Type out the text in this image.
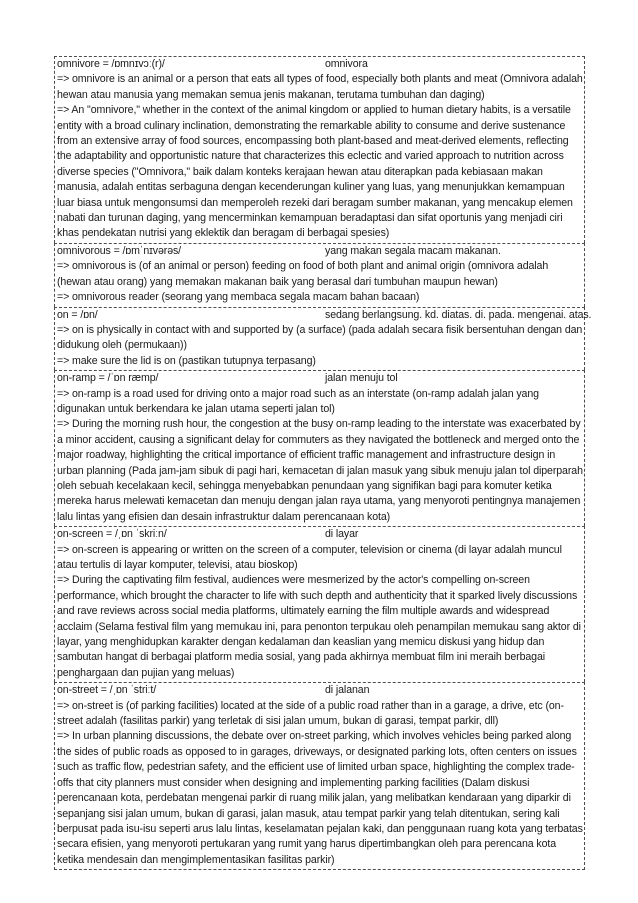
omnivore = /ɒmnɪvɔː(r)/	omnivora

=> omnivore is an animal or a person that eats all types of food, especially both plants and meat (Omnivora adalah hewan atau manusia yang memakan semua jenis makanan, terutama tumbuhan dan daging)

=> An "omnivore," whether in the context of the animal kingdom or applied to human dietary habits, is a versatile entity with a broad culinary inclination, demonstrating the remarkable ability to consume and derive sustenance from an extensive array of food sources, encompassing both plant-based and meat-derived elements, reflecting the adaptability and opportunistic nature that characterizes this eclectic and varied approach to nutrition across diverse species ("Omnivora," baik dalam konteks kerajaan hewan atau diterapkan pada kebiasaan makan manusia, adalah entitas serbaguna dengan kecenderungan kuliner yang luas, yang menunjukkan kemampuan luar biasa untuk mengonsumsi dan memperoleh rezeki dari beragam sumber makanan, yang mencakup elemen nabati dan turunan daging, yang mencerminkan kemampuan beradaptasi dan sifat oportunis yang menjadi ciri khas pendekatan nutrisi yang eklektik dan beragam di berbagai spesies)

omnivorous = /ɒmˈnɪvərəs/	yang makan segala macam makanan.

=> omnivorous is (of an animal or person) feeding on food of both plant and animal origin (omnivora adalah (hewan atau orang) yang memakan makanan baik yang berasal dari tumbuhan maupun hewan)

=> omnivorous reader (seorang yang membaca segala macam bahan bacaan)

on = /ɒn/	sedang berlangsung. kd. diatas. di. pada. mengenai. atas.

=> on is physically in contact with and supported by (a surface) (pada adalah secara fisik bersentuhan dengan dan didukung oleh (permukaan))

=> make sure the lid is on (pastikan tutupnya terpasang)

on-ramp = /ˈɒn ræmp/	jalan menuju tol

=> on-ramp is a road used for driving onto a major road such as an interstate (on-ramp adalah jalan yang digunakan untuk berkendara ke jalan utama seperti jalan tol)

=> During the morning rush hour, the congestion at the busy on-ramp leading to the interstate was exacerbated by a minor accident, causing a significant delay for commuters as they navigated the bottleneck and merged onto the major roadway, highlighting the critical importance of efficient traffic management and infrastructure design in urban planning (Pada jam-jam sibuk di pagi hari, kemacetan di jalan masuk yang sibuk menuju jalan tol diperparah oleh sebuah kecelakaan kecil, sehingga menyebabkan penundaan yang signifikan bagi para komuter ketika mereka harus melewati kemacetan dan menuju dengan jalan raya utama, yang menyoroti pentingnya manajemen lalu lintas yang efisien dan desain infrastruktur dalam perencanaan kota)

on-screen = /ˌɒn ˈskriːn/	di layar

=> on-screen is appearing or written on the screen of a computer, television or cinema (di layar adalah muncul atau tertulis di layar komputer, televisi, atau bioskop)

=> During the captivating film festival, audiences were mesmerized by the actor's compelling on-screen performance, which brought the character to life with such depth and authenticity that it sparked lively discussions and rave reviews across social media platforms, ultimately earning the film multiple awards and widespread acclaim (Selama festival film yang memukau ini, para penonton terpukau oleh penampilan memukau sang aktor di layar, yang menghidupkan karakter dengan kedalaman dan keaslian yang memicu diskusi yang hidup dan sambutan hangat di berbagai platform media sosial, yang pada akhirnya membuat film ini meraih berbagai penghargaan dan pujian yang meluas)

on-street = /ˌɒn ˈstriːt/	di jalanan

=> on-street is (of parking facilities) located at the side of a public road rather than in a garage, a drive, etc (on-street adalah (fasilitas parkir) yang terletak di sisi jalan umum, bukan di garasi, tempat parkir, dll)

=> In urban planning discussions, the debate over on-street parking, which involves vehicles being parked along the sides of public roads as opposed to in garages, driveways, or designated parking lots, often centers on issues such as traffic flow, pedestrian safety, and the efficient use of limited urban space, highlighting the complex trade-offs that city planners must consider when designing and implementing parking facilities (Dalam diskusi perencanaan kota, perdebatan mengenai parkir di ruang milik jalan, yang melibatkan kendaraan yang diparkir di sepanjang sisi jalan umum, bukan di garasi, jalan masuk, atau tempat parkir yang telah ditentukan, sering kali berpusat pada isu-isu seperti arus lalu lintas, keselamatan pejalan kaki, dan penggunaan ruang kota yang terbatas secara efisien, yang menyoroti pertukaran yang rumit yang harus dipertimbangkan oleh para perencana kota ketika mendesain dan mengimplementasikan fasilitas parkir)
